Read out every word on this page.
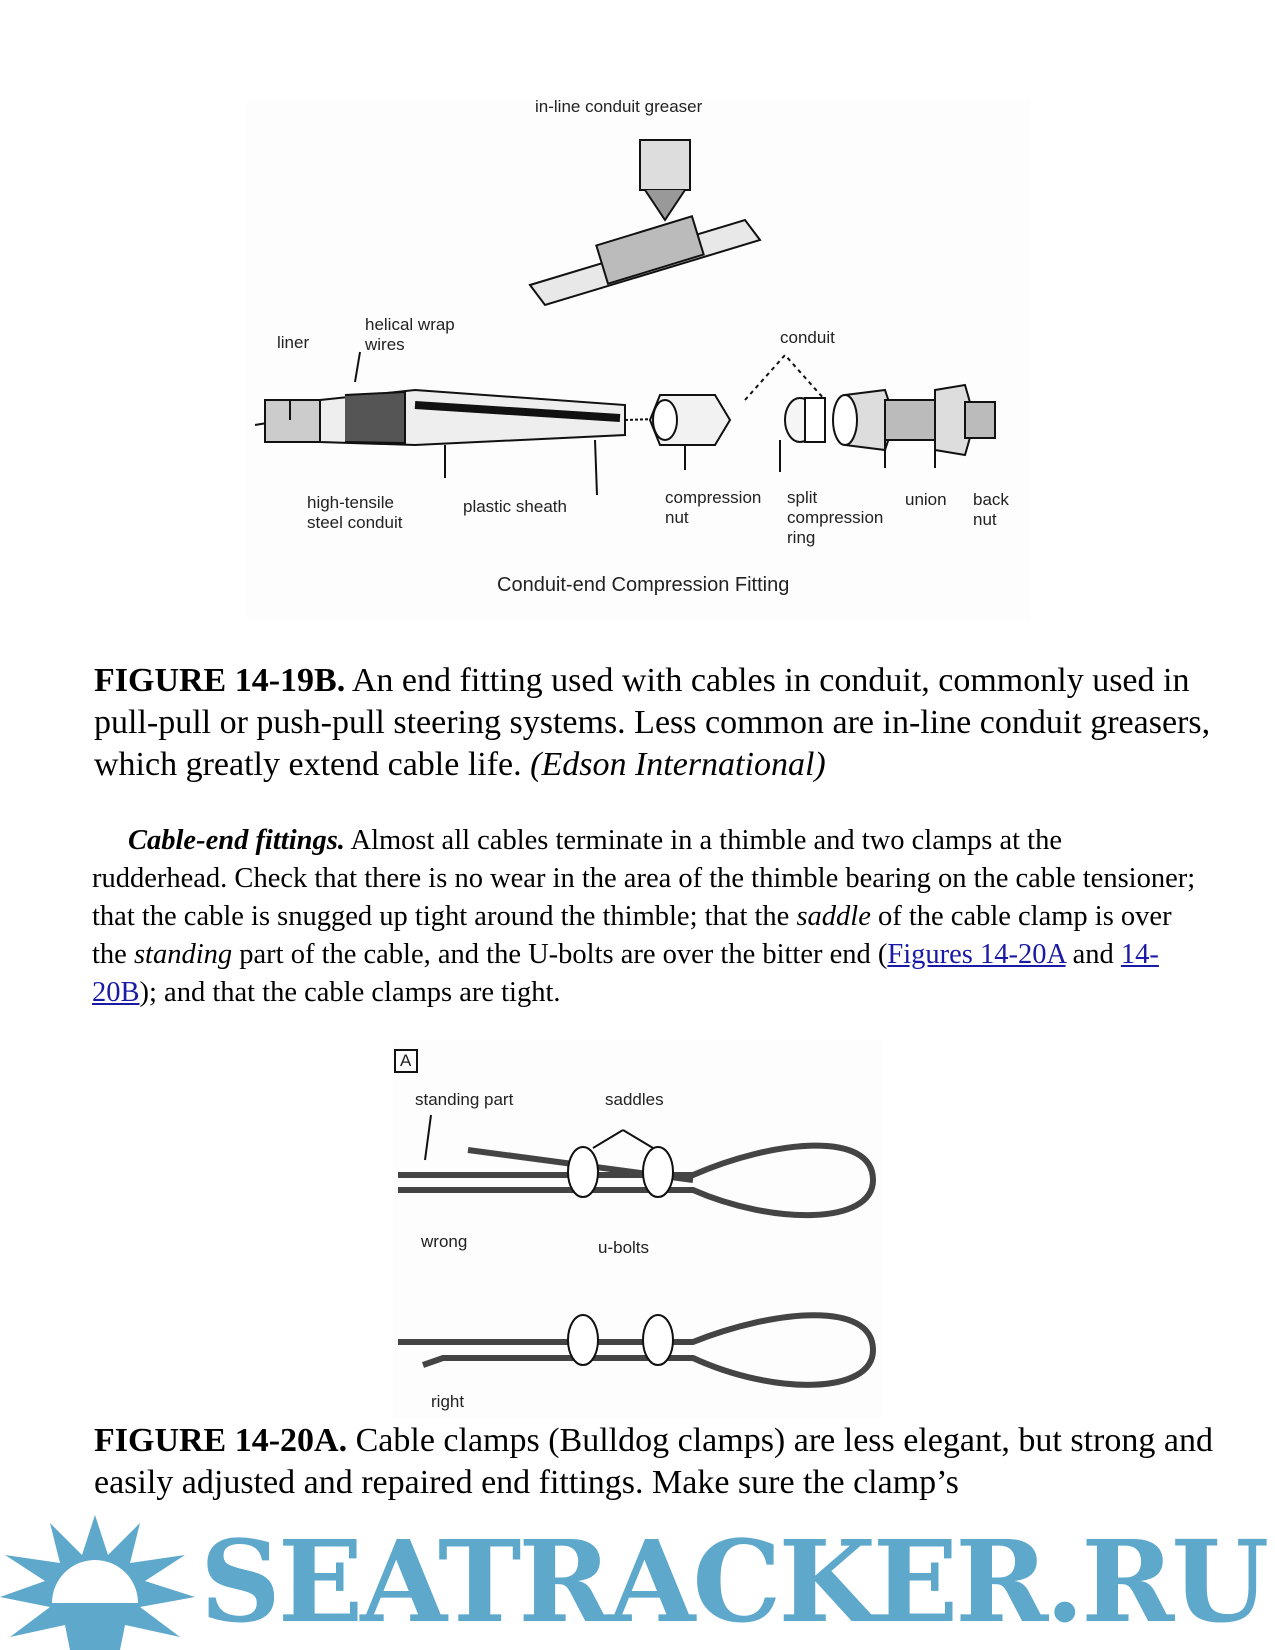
in-line conduit greaser
liner
helical wrap
wires	conduit
high-tensile
steel conduit
plastic sheath	compression
nut
split
compression
ring
union back
nut
Conduit-end Compression Fitting
FIGURE 14-19B. An end fitting used with cables in conduit, commonly used in pull-pull or push-pull steering systems. Less common are in-line conduit greasers, which greatly extend cable life. (Edson International)
Cable-end fittings. Almost all cables terminate in a thimble and two clamps at the rudderhead. Check that there is no wear in the area of the thimble bearing on the cable tensioner; that the cable is snugged up tight around the thimble; that the saddle of the cable clamp is over the standing part of the cable, and the U-bolts are over the bitter end (Figures 14-20A and 14-20B); and that the cable clamps are tight.
A
standing part	saddles
wrong	u-bolts
right
FIGURE 14-20A. Cable clamps (Bulldog clamps) are less elegant, but strong and easily adjusted and repaired end fittings. Make sure the clamp’s
SEATRACKER.RU
